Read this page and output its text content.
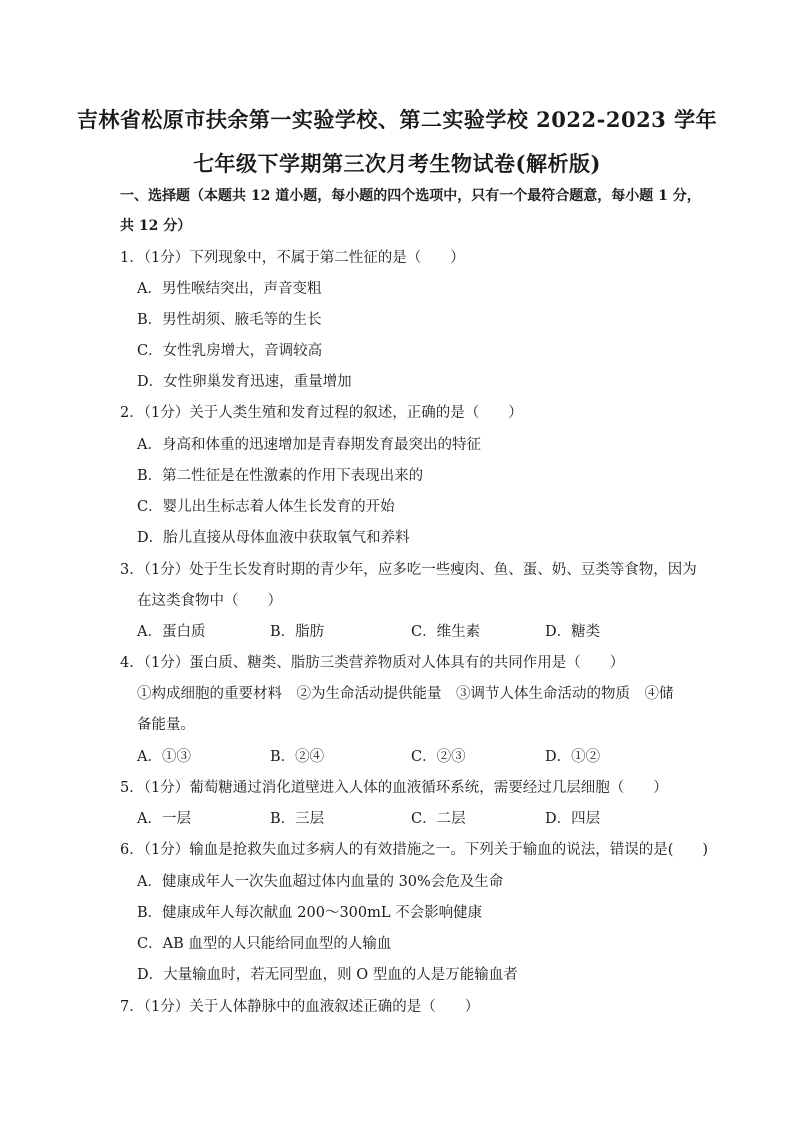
吉林省松原市扶余第一实验学校、第二实验学校 2022-2023 学年
七年级下学期第三次月考生物试卷(解析版)
一、选择题（本题共 12 道小题，每小题的四个选项中，只有一个最符合题意，每小题 1 分，
共 12 分）
1．（1分）下列现象中，不属于第二性征的是（　　）
A．男性喉结突出，声音变粗
B．男性胡须、腋毛等的生长
C．女性乳房增大，音调较高
D．女性卵巢发育迅速，重量增加
2．（1分）关于人类生殖和发育过程的叙述，正确的是（　　）
A．身高和体重的迅速增加是青春期发育最突出的特征
B．第二性征是在性激素的作用下表现出来的
C．婴儿出生标志着人体生长发育的开始
D．胎儿直接从母体血液中获取氧气和养料
3．（1分）处于生长发育时期的青少年，应多吃一些瘦肉、鱼、蛋、奶、豆类等食物，因为
在这类食物中（　　）
A．蛋白质	B．脂肪	C．维生素	D．糖类
4．（1分）蛋白质、糖类、脂肪三类营养物质对人体具有的共同作用是（　　）
①构成细胞的重要材料　②为生命活动提供能量　③调节人体生命活动的物质　④储
备能量。
A．①③	B．②④	C．②③	D．①②
5．（1分）葡萄糖通过消化道壁进入人体的血液循环系统，需要经过几层细胞（　　）
A．一层	B．三层	C．二层	D．四层
6．（1分）输血是抢救失血过多病人的有效措施之一。下列关于输血的说法，错误的是(　　)
A．健康成年人一次失血超过体内血量的 30%会危及生命
B．健康成年人每次献血 200～300mL 不会影响健康
C．AB 血型的人只能给同血型的人输血
D．大量输血时，若无同型血，则 O 型血的人是万能输血者
7．（1分）关于人体静脉中的血液叙述正确的是（　　）
